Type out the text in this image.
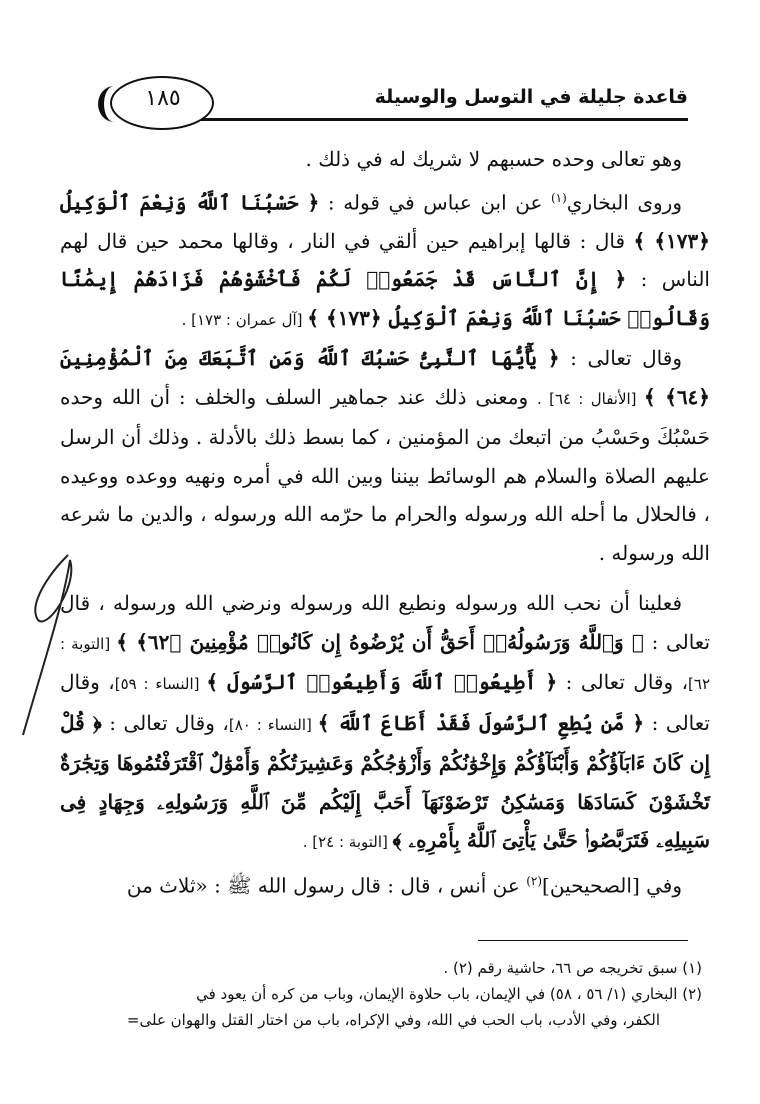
قاعدة جليلة في التوسل والوسيلة
١٨٥

وهو تعالى وحده حسبهم لا شريك له في ذلك .

وروى البخاري$^{(١)}$ عن ابن عباس في قوله : ﴿ حَسْبُنَا ٱللَّهُ وَنِعْمَ ٱلْوَكِيلُ ﴿١٧٣﴾ ﴾ قال : قالها إبراهيم حين ألقي في النار ، وقالها محمد حين قال لهم الناس : ﴿ إِنَّ ٱلنَّاسَ قَدْ جَمَعُوا۟ لَكُمْ فَٱخْشَوْهُمْ فَزَادَهُمْ إِيمَٰنًا وَقَالُوا۟ حَسْبُنَا ٱللَّهُ وَنِعْمَ ٱلْوَكِيلُ ﴿١٧٣﴾ ﴾ [آل عمران : ١٧٣] .

وقال تعالى : ﴿ يَٰٓأَيُّهَا ٱلنَّبِىُّ حَسْبُكَ ٱللَّهُ وَمَنِ ٱتَّبَعَكَ مِنَ ٱلْمُؤْمِنِينَ ﴿٦٤﴾ ﴾ [الأنفال : ٦٤] . ومعنى ذلك عند جماهير السلف والخلف : أن الله وحده حَسْبُكَ وحَسْبُ من اتبعك من المؤمنين ، كما بسط ذلك بالأدلة . وذلك أن الرسل عليهم الصلاة والسلام هم الوسائط بيننا وبين الله في أمره ونهيه ووعده ووعيده ، فالحلال ما أحله الله ورسوله والحرام ما حرّمه الله ورسوله ، والدين ما شرعه الله ورسوله .

فعلينا أن نحب الله ورسوله ونطيع الله ورسوله ونرضي الله ورسوله ، قال تعالى : ﴿ وَٱللَّهُ وَرَسُولُهُۥٓ أَحَقُّ أَن يُرْضُوهُ إِن كَانُوا۟ مُؤْمِنِينَ ﴿٦٢﴾ ﴾ [التوبة : ٦٢]، وقال تعالى : ﴿ أَطِيعُوا۟ ٱللَّهَ وَأَطِيعُوا۟ ٱلرَّسُولَ ﴾ [النساء : ٥٩]، وقال تعالى : ﴿ مَّن يُطِعِ ٱلرَّسُولَ فَقَدْ أَطَاعَ ٱللَّهَ ﴾ [النساء : ٨٠]، وقال تعالى : ﴿ قُلْ إِن كَانَ ءَابَآؤُكُمْ وَأَبْنَآؤُكُمْ وَإِخْوَٰنُكُمْ وَأَزْوَٰجُكُمْ وَعَشِيرَتُكُمْ وَأَمْوَٰلٌ ٱقْتَرَفْتُمُوهَا وَتِجَٰرَةٌ تَخْشَوْنَ كَسَادَهَا وَمَسَٰكِنُ تَرْضَوْنَهَآ أَحَبَّ إِلَيْكُم مِّنَ ٱللَّهِ وَرَسُولِهِۦ وَجِهَادٍ فِى سَبِيلِهِۦ فَتَرَبَّصُوا۟ حَتَّىٰ يَأْتِىَ ٱللَّهُ بِأَمْرِهِۦ ﴾ [التوبة : ٢٤] .

وفي [الصحيحين]$^{(٢)}$ عن أنس ، قال : قال رسول الله ﷺ : «ثلاث من

(١) سبق تخريجه ص ٦٦، حاشية رقم (٢) .

(٢) البخاري (١/ ٥٦ ، ٥٨) في الإيمان، باب حلاوة الإيمان، وباب من كره أن يعود في

الكفر، وفي الأدب، باب الحب في الله، وفي الإكراه، باب من اختار القتل والهوان على=
